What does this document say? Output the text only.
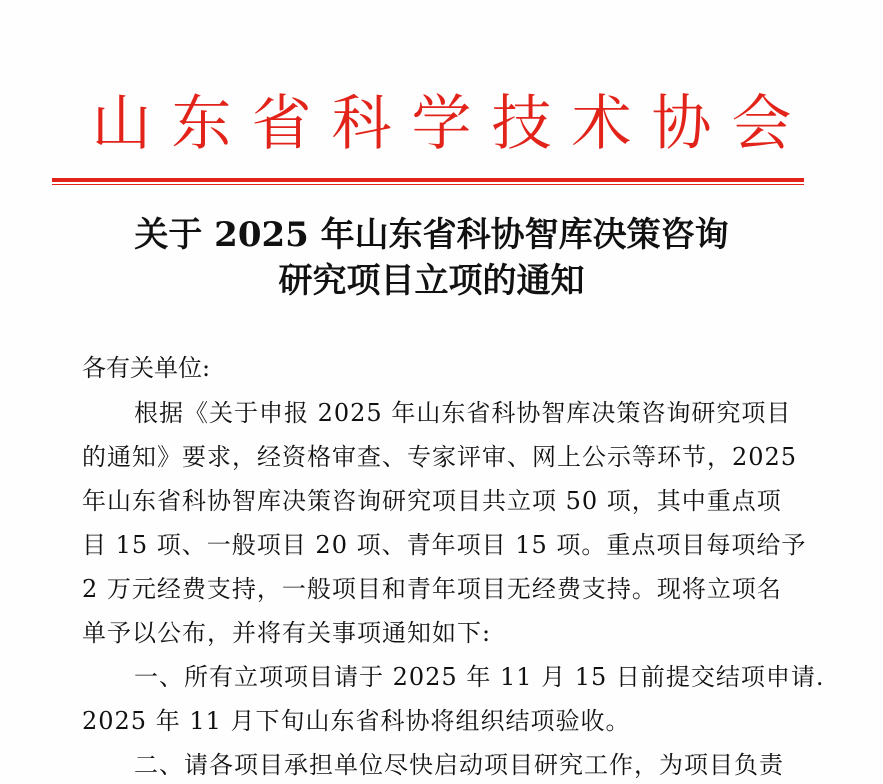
山东省科学技术协会
关于 2025 年山东省科协智库决策咨询
研究项目立项的通知
各有关单位:
根据《关于申报 2025 年山东省科协智库决策咨询研究项目
的通知》要求，经资格审查、专家评审、网上公示等环节，2025
年山东省科协智库决策咨询研究项目共立项 50 项，其中重点项
目 15 项、一般项目 20 项、青年项目 15 项。重点项目每项给予
2 万元经费支持，一般项目和青年项目无经费支持。现将立项名
单予以公布，并将有关事项通知如下:
一、所有立项项目请于 2025 年 11 月 15 日前提交结项申请.
2025 年 11 月下旬山东省科协将组织结项验收。
二、请各项目承担单位尽快启动项目研究工作，为项目负责
